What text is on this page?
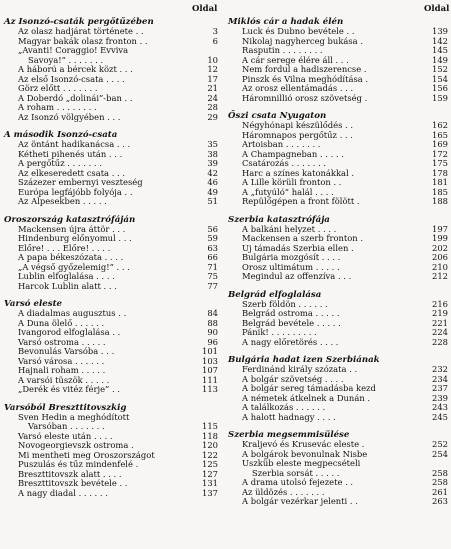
Oldal
Az Isonzó-csaták pergőtűzében
Az olasz hadjárat története . .	3
Magyar bakák olasz fronton . .	6
„Avanti! Coraggio! Evviva
Savoya!” . . . . . . .	10
A háború a bércek közt . . .	12
Az első Isonzó-csata . . . .	17
Görz előtt . . . . . . .	21
A Doberdó „dolinái”-ban . .	24
A roham . . . . . . . .	28
Az Isonzó völgyében . . .	29
A második Isonzó-csata
Az öntánt hadikanácsa . . .	35
Kétheti pihenés után . . .	38
A pergőtűz . . . . . . .	39
Az elkeseredett csata . . .	42
Százezer embernyi veszteség	46
Európa legfájóbb folyója . .	49
Az Alpesekben . . . . .	51
Oroszország katasztrófáján
Mackensen újra áttör . . .	56
Hindenburg előnyomul . . .	59
Előre! . . . Előre! . . . .	63
A papa békeszózata . . . .	66
„A végső győzelemig!” . . .	71
Lublin elfoglalása . . . .	75
Harcok Lublin alatt . . .	77
Varsó eleste
A diadalmas augusztus . .	84
A Duna ölelő . . . . . .	88
Ivangorod elfoglalása . .	90
Varsó ostroma . . . . .	96
Bevonulás Varsóba . . .	101
Varsó városa . . . . . .	103
Hajnali roham . . . . .	107
A varsói tüszök . . . . .	111
„Derék és vitéz férje” . .	113
Varsóból Breszttitovszkig
Sven Hedin a meghódított
Varsóban . . . . . . .	115
Varsó eleste után . . . .	118
Novogeorgievszk ostroma .	120
Mi mentheti meg Oroszországot	122
Puszulás és tűz mindenfelé .	125
Breszttitovszk alatt . . . .	127
Breszttitovszk bevétele . .	131
A nagy diadal . . . . . .	137
Oldal
Miklós cár a hadak élén
Luck és Dubno bevétele . .	139
Nikolaj nagyherceg bukása .	142
Rasputin . . . . . . . .	145
A cár serege élére áll . . .	149
Nem fordul a hadiszerencse .	152
Pinszk és Vilna meghódítása .	154
Az orosz ellentámadás . . .	156
Háromnillió orosz szövetség .	159
Őszi csata Nyugaton
Négyhónapi készülődés . .	162
Háromnapos pergőtűz . . .	165
Artoisban . . . . . . .	169
A Champagneban . . . . .	172
Csatározás . . . . . . .	175
Harc a színes katonákkal .	178
A Lille körüli fronton . .	181
A „futyúló” halál . . . .	185
Repülőgépen a front fölött .	188
Szerbia katasztrófája
A balkáni helyzet . . . .	197
Mackensen a szerb fronton .	199
Új támadás Szerbia ellen .	202
Bulgária mozgósít . . . .	206
Orosz ultimátum . . . . .	210
Megindul az offenzíva . . .	212
Belgrád elfoglalása
Szerb földön . . . . . .	216
Belgrád ostroma . . . . .	219
Belgrád bevétele . . . . .	221
Pánik! . . . . . . . . .	224
A nagy előretörés . . . .	228
Bulgária hadat izen Szerbiának
Ferdinánd király szózata . .	232
A bolgár szövetség . . . .	234
A bolgár sereg támadásba kezd	237
A németek átkelnek a Dunán .	239
A találkozás . . . . . .	243
A halott hadnagy . . . .	245
Szerbia megsemmisülése
Kraljevó és Krusevác eleste .	252
A bolgárok bevonulnak Nisbe	254
Üszküb eleste megpecsételi
Szerbia sorsát . . . . .	258
A drama utolsó fejezete . .	258
Az üldözés . . . . . . .	261
A bolgár vezérkar jelenti . .	263
